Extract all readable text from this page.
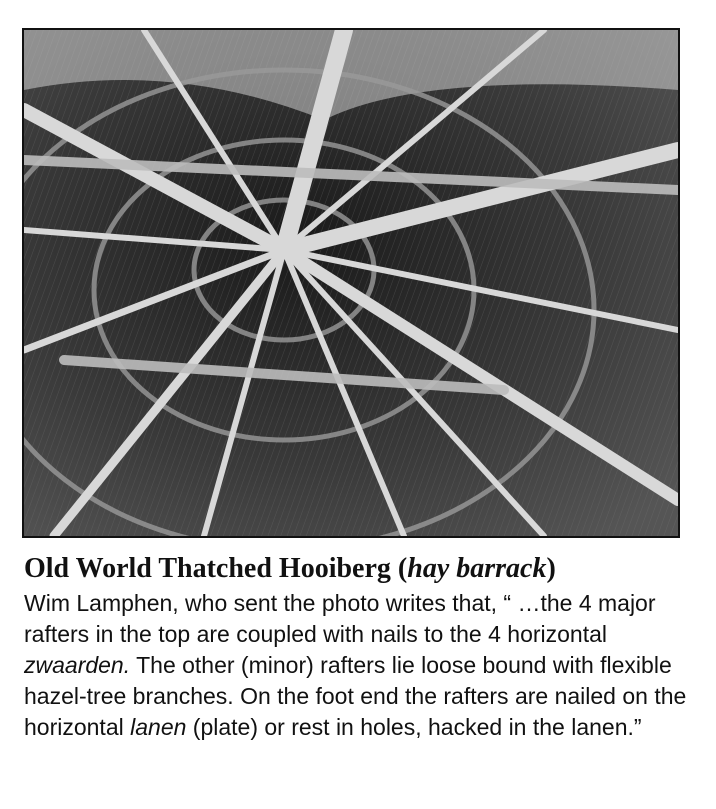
Old World Thatched Hooiberg (hay barrack)

Wim Lamphen, who sent the photo writes that, “ …the 4 major rafters in the top are coupled with nails to the 4 horizontal zwaarden. The other (minor) rafters lie loose bound with flexible hazel-tree branches. On the foot end the rafters are nailed on the horizontal lanen (plate) or rest in holes, hacked in the lanen.”
